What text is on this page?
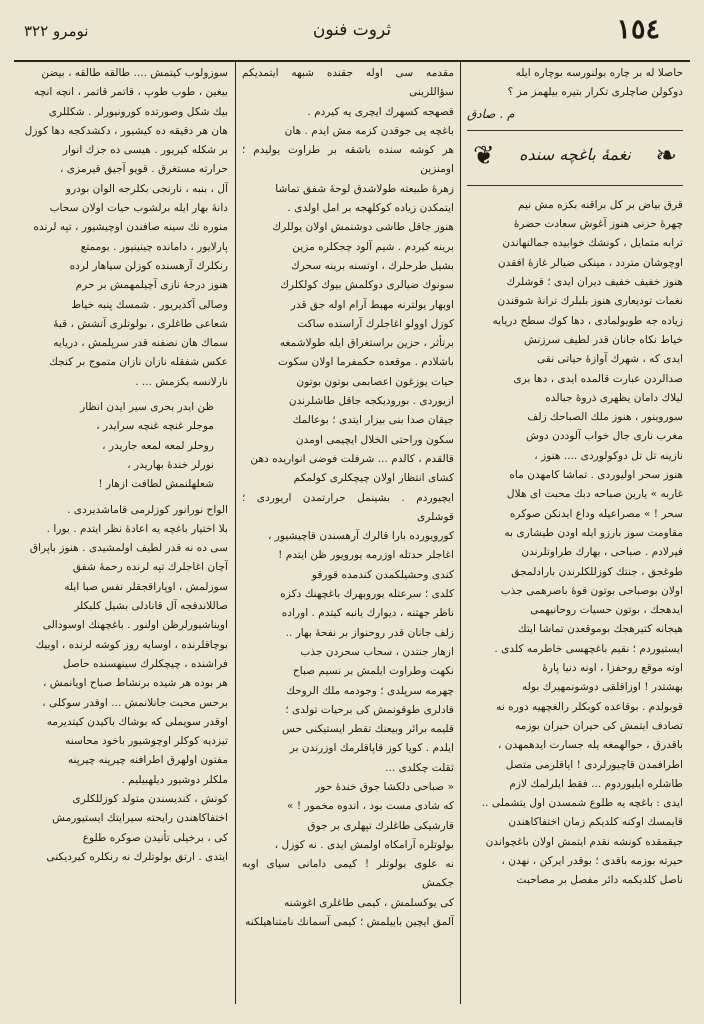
١٥٤
ثروت فنون
نومرو ٣٢٢

حاصلا له بر چاره بولنورسه بوچاره ايله

دوكولن صاچلرى تكرار بتيره بيلهمز مز ؟

م . صادق
❦ نغمهٔ باغچه سنده ❧

قرق بياض بر كل براقنه بكزه مش نيم

چهرهٔ حزنى هنوز آغوش سعادت حضرهٔ

ترابه متمايل ، كونشك خوابيده جمالنهاندن

اوچوشان متردد ، مينكى ضيالر غازهٔ افقدن

هنوز خفيف خفيف ديران ايدى ؛ قوشلرك

نغمات توديعارى هنوز بلبلرك ترانهٔ شوقندن

زياده جه طويولمادى ، دها كوك سطح دريايه

خياط نكاه جانان قدر لطيف سرزنش

ايدى كه ، شهرك آوازهٔ حياتى نقى

صدالردن عبارت قالمده ايدى ، دها برى

ليلاك دامان يظهرى ذروهٔ جبالده

سوروينور ، هنوز ملك الصباحك زلف

مغرب نارى جال خواب آلوددن دوش

نازينه تل تل دوكولوردى .... هنوز ،

هنوز سحر اوليوردى . تماشا كامهدن ماه

غاربه » يارين صباحه دبك محبت اى هلال

سحر ! » مصراعيله وداع ايدنكن صوكره

مقاومت سوز بارزو ايله اودن طيشارى به

فيرلادم . صباحى ، بهارك طراوتلرندن

طوغجق ، جنتك كوزللكلرندن بارادلمجق

اولان بوصباحى بوتون قوهٔ باصرهمى جذب

ايدهجك ، بوتون حسيات روحانيهمى

هيجانه كتيرهجك بوموقعدن تماشا ايتك

ايستيوردم ؛ نقيم باغچهسى خاطرمه كلدى .

اوته موقع روحفزا ، اونه دنيا پارهٔ

بهشتدر ! اوزاقلقى دوشونمهيرك بوله

قوبولدم . بوقاعده كوبكلر رالغچهيه دوره نه

تصادف ايتمش كى حيران حيران بوزمه

باقدرق ، حوالهمغه يله جسارت ايدهمهدن ،

اطرافمدن قاچيورلردى ! اياقلرمى متصل

طاشلره ايليوردوم ... فقط ايلرلمك لازم

ايدى : باغچه يه طلوع شمسدن اول يتشملى ..

قايمسك اوكنه كلديكم زمان اختفاكاهندن

جيقمقده كونشه نقدم ايتمش اولان باغچواندن

حيرته بوزمه باقدى ؛ بوقدر ايركن ، نهدن ،

ناصل كلديكمه دائر مفصل بر مصاحبت

مقدمه سى اوله جقنده شبهه ايتمديكم سؤاللرينى

قصهجه كسهرك ايچرى يه كيردم .

باغچه يى جوقدن كزمه مش ايدم . هان

هر كوشه سنده باشقه بر طراوت يوليدم ؛ اومنزين

زهرهٔ طبيعته طولاشدق لوحهٔ شفق تماشا

ايتمكدن زياده كوكلهجه بر امل اولدى .

هنوز جاقل طاشى دوشنمش اولان يوللرك

برينه كيردم . شيم آلود چجكلره مزين

بشيل طرحلرك ، اوتسنه برينه سحرك

سونوك ضيالرى دوكلمش بيوك كولكلرك

اوبهار يولترنه مهبط آرام اوله جق قدر

كوزل اوولو اغاجلرك آراسنده ساكت

برتأثر ، حزين براستغراق ايله طولاشمغه

باشلادم . موقعده حكمفرما اولان سكوت

حيات يوزغون اعصابمى بوتون بوتون

ازيوردى . بوروديكجه جاقل طاشلرندن

جيقان صدا بنى بيزار ايتدى ؛ بوعالمك

سكون وراحتى الخلال ايچيمى اومدن

قالقدم ، كالدم ... شرفلت فوضى انواريده دهن

كشاى انتظار اولان چيچكلرى كولمكم

ايچيوردم . بشينمل حرارتمدن اريوردى ؛ قوشلرى

كورويورده بارا قالرك آرهسندن قاچيشيور ،

اغاجلر حدتله اوزرمه يورويور ظن ايتدم !

كندى وحشيلكمدن كندمده قورقو

كلدى ؛ سرعتله يوروبهرك باغچهنك دكزه

ناظر جهتنه ، ديوارك يانبه كيتدم . اوراده

زلف جانان قدر روحنواز بر نفحهٔ بهار ..

ازهار جنتدن ، سحاب سحردن جذب

نكهت وطراوت ايلمش بر نسيم صباح

چهرمه سرپلدى ؛ وجودمه ملك الروحك

قادلرى طوقونمش كى برحيات تولدى ؛

قليمه برائر وبيعنك تقطر ايستيكنى حس

ايلدم . كويا كوز قاپاقلرمك اوزرندن بر

ثقلت چكلدى ...

« صباحى دلكشا جوق خندهٔ حور

كه شادى مست بود ، اندوه مخمور ! »

قارشيكى طاغلرك تپهلرى بر جوق

بولوتلره آرامكاه اولمش ايدى . نه كوزل ،

نه علوى بولوتلر ! كيمى دامانى سياى اوبه جكمش

كى يوكسلمش ، كيمى طاغلرى اغوشنه

آلمق ايچين باييلمش ؛ كيمى آسمانك نامتناهيلكنه

سوزولوب كيتمش .... طالقه طالقه ، بيضن

بيغين ، طوب طوپ ، قاتمر قاتمر ، انچه انچه

بيك شكل وصورتده كورونيورلر . شكللرى

هان هر دقيقه ده كيشيور ، دكشدكجه دها كوزل

بر شكله كيريور . هيسى ده جزك انوار

حرارته مستغرق . قويو آجيق قيرمزى ،

آل ، بنبه ، نارنجى بكلرجه الوان بودرو

دانهٔ بهار ايله برلشوب حيات اولان سحاب

منوره نك سينه صافندن اوچيشيور ، تپه لرنده

پارلايور ، دامانده چينينيور . بوممتع

رنكلرك آرهسنده كوزلن سياهار لرده

هنوز درجهٔ نازى آچيلمهمش بر حرم

وصالى آكديريور . شمسك پنبه خياط

شعاعى طاغلرى ، بولوتلرى آتشش ، قبهٔ

سماك هان نصفنه قدر سرپلمش ، دريايه

عكس شفقله نازان نازان متموج بر كنجك

نارلانسه بكزمش ... .

ظن ايدر بحرى سير ايدن انظار

موجلر غنچه غنچه سرايدر ،

روحلر لمعه لمعه جاريدر ،

نورلر خندهٔ بهاريدر ،

شعلهلنمش لطافت ازهار !

الواح نورانور كوزلرمى قاماشديردى .

بلا اختيار باغچه يه اعادهٔ نظر ايتدم . بورا .

سى ده نه قدر لطيف اولمشيدى . هنوز باپراق

آچان اغاجلرك تپه لرنده رحمهٔ شفق

سوزلمش ، اوپاراقجقلر نفس صبا ايله

صاللاندقجه آل قانادلى بشيل كلبكلر

اويناشيورلرظن اولنور . باغچهنك اوسودالى

بوچاقلرنده ، اوسايه روز كوشه لرنده ، اوبيك

فراشنده ، چيچكلرك سينهسنده حاصل

هر بوده هر شيده برنشاط صباح اويانمش ،

برحس محبت جانلانمش ... اوقدر سوكلى ،

اوقدر سويملى كه بوشاك باكيدن كيتديرمه

تيزديه كوكلر اوچوشيور باخود محاسنه

مفتون اولهرق اطرافنه چيرپنه چيرپنه

ملكلر دوشيور ديلهبيليم .

كونش ، كنديسندن متولد كوزللكلرى

اختفاكاهندن رايحته سيرايتك ايستيورمش

كى ، برخيلى تأنيدن صوكره طلوع

ايتدى . ارتق بولوتلرك نه رنكلره كيرديكنى
